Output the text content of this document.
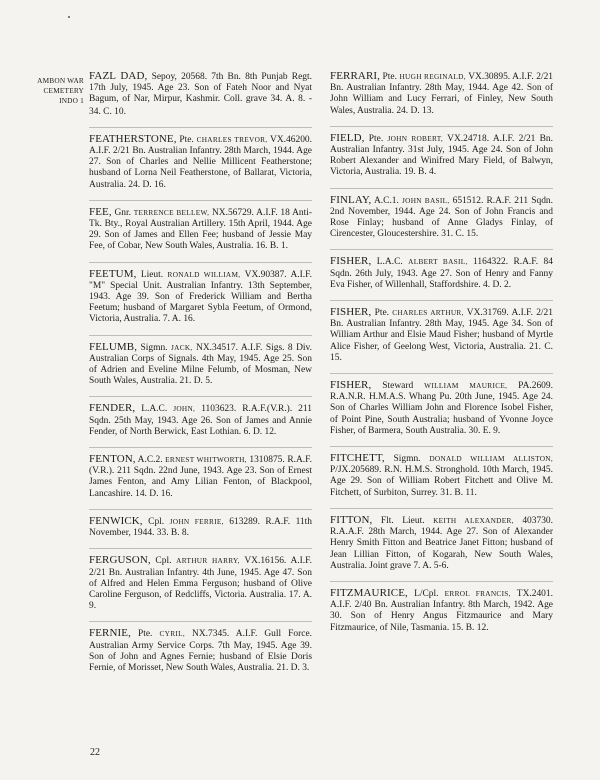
AMBON WAR
CEMETERY
INDO 1

FAZL DAD, Sepoy, 20568. 7th Bn. 8th Punjab Regt. 17th July, 1945. Age 23. Son of Fateh Noor and Nyat Bagum, of Nar, Mirpur, Kashmir. Coll. grave 34. A. 8. - 34. C. 10.

FEATHERSTONE, Pte. CHARLES TREVOR, VX.46200. A.I.F. 2/21 Bn. Australian Infantry. 28th March, 1944. Age 27. Son of Charles and Nellie Millicent Featherstone; husband of Lorna Neil Featherstone, of Ballarat, Victoria, Australia. 24. D. 16.

FEE, Gnr. TERRENCE BELLEW, NX.56729. A.I.F. 18 Anti-Tk. Bty., Royal Australian Artillery. 15th April, 1944. Age 29. Son of James and Ellen Fee; husband of Jessie May Fee, of Cobar, New South Wales, Australia. 16. B. 1.

FEETUM, Lieut. RONALD WILLIAM, VX.90387. A.I.F. "M" Special Unit. Australian Infantry. 13th September, 1943. Age 39. Son of Frederick William and Bertha Feetum; husband of Margaret Sybla Feetum, of Ormond, Victoria, Australia. 7. A. 16.

FELUMB, Sigmn. JACK, NX.34517. A.I.F. Sigs. 8 Div. Australian Corps of Signals. 4th May, 1945. Age 25. Son of Adrien and Eveline Milne Felumb, of Mosman, New South Wales, Australia. 21. D. 5.

FENDER, L.A.C. JOHN, 1103623. R.A.F.(V.R.). 211 Sqdn. 25th May, 1943. Age 26. Son of James and Annie Fender, of North Berwick, East Lothian. 6. D. 12.

FENTON, A.C.2. ERNEST WHITWORTH, 1310875. R.A.F.(V.R.). 211 Sqdn. 22nd June, 1943. Age 23. Son of Ernest James Fenton, and Amy Lilian Fenton, of Blackpool, Lancashire. 14. D. 16.

FENWICK, Cpl. JOHN FERRIE, 613289. R.A.F. 11th November, 1944. 33. B. 8.

FERGUSON, Cpl. ARTHUR HARRY, VX.16156. A.I.F. 2/21 Bn. Australian Infantry. 4th June, 1945. Age 47. Son of Alfred and Helen Emma Ferguson; husband of Olive Caroline Ferguson, of Redcliffs, Victoria. Australia. 17. A. 9.

FERNIE, Pte. CYRIL, NX.7345. A.I.F. Gull Force. Australian Army Service Corps. 7th May, 1945. Age 39. Son of John and Agnes Fernie; husband of Elsie Doris Fernie, of Morisset, New South Wales, Australia. 21. D. 3.

FERRARI, Pte. HUGH REGINALD, VX.30895. A.I.F. 2/21 Bn. Australian Infantry. 28th May, 1944. Age 42. Son of John William and Lucy Ferrari, of Finley, New South Wales, Australia. 24. D. 13.

FIELD, Pte. JOHN ROBERT, VX.24718. A.I.F. 2/21 Bn. Australian Infantry. 31st July, 1945. Age 24. Son of John Robert Alexander and Winifred Mary Field, of Balwyn, Victoria, Australia. 19. B. 4.

FINLAY, A.C.1. JOHN BASIL, 651512. R.A.F. 211 Sqdn. 2nd November, 1944. Age 24. Son of John Francis and Rose Finlay; husband of Anne Gladys Finlay, of Cirencester, Gloucestershire. 31. C. 15.

FISHER, L.A.C. ALBERT BASIL, 1164322. R.A.F. 84 Sqdn. 26th July, 1943. Age 27. Son of Henry and Fanny Eva Fisher, of Willenhall, Staffordshire. 4. D. 2.

FISHER, Pte. CHARLES ARTHUR, VX.31769. A.I.F. 2/21 Bn. Australian Infantry. 28th May, 1945. Age 34. Son of William Arthur and Elsie Maud Fisher; husband of Myrtle Alice Fisher, of Geelong West, Victoria, Australia. 21. C. 15.

FISHER, Steward WILLIAM MAURICE, PA.2609. R.A.N.R. H.M.A.S. Whang Pu. 20th June, 1945. Age 24. Son of Charles William John and Florence Isobel Fisher, of Point Pine, South Australia; husband of Yvonne Joyce Fisher, of Barmera, South Australia. 30. E. 9.

FITCHETT, Sigmn. DONALD WILLIAM ALLISTON, P/JX.205689. R.N. H.M.S. Stronghold. 10th March, 1945. Age 29. Son of William Robert Fitchett and Olive M. Fitchett, of Surbiton, Surrey. 31. B. 11.

FITTON, Flt. Lieut. KEITH ALEXANDER, 403730. R.A.A.F. 28th March, 1944. Age 27. Son of Alexander Henry Smith Fitton and Beatrice Janet Fitton; husband of Jean Lillian Fitton, of Kogarah, New South Wales, Australia. Joint grave 7. A. 5-6.

FITZMAURICE, L/Cpl. ERROL FRANCIS, TX.2401. A.I.F. 2/40 Bn. Australian Infantry. 8th March, 1942. Age 30. Son of Henry Angus Fitzmaurice and Mary Fitzmaurice, of Nile, Tasmania. 15. B. 12.

22
